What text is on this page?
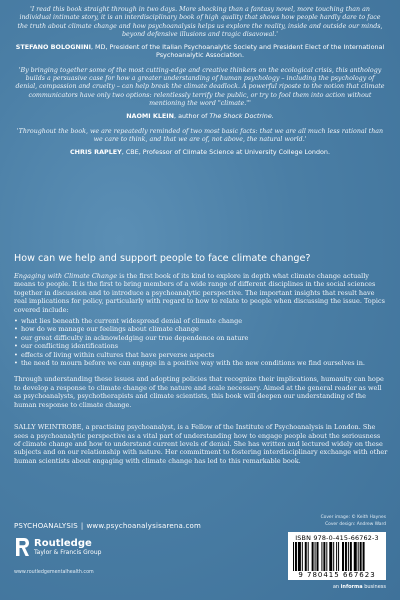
'I read this book straight through in two days. More shocking than a fantasy novel, more touching than an individual intimate story, it is an interdisciplinary book of high quality that shows how people hardly dare to face the truth about climate change and how psychoanalysis helps us explore the reality, inside and outside our minds, beyond defensive illusions and tragic disavowal.'

STEFANO BOLOGNINI, MD, President of the Italian Psychoanalytic Society and President Elect of the International Psychoanalytic Association.

'By bringing together some of the most cutting-edge and creative thinkers on the ecological crisis, this anthology builds a persuasive case for how a greater understanding of human psychology – including the psychology of denial, compassion and cruelty – can help break the climate deadlock. A powerful riposte to the notion that climate communicators have only two options: relentlessly terrify the public, or try to fool them into action without mentioning the word "climate."'

NAOMI KLEIN, author of The Shock Doctrine.

'Throughout the book, we are repeatedly reminded of two most basic facts: that we are all much less rational than we care to think, and that we are of, not above, the natural world.'

CHRIS RAPLEY, CBE, Professor of Climate Science at University College London.

How can we help and support people to face climate change?

Engaging with Climate Change is the first book of its kind to explore in depth what climate change actually means to people. It is the first to bring members of a wide range of different disciplines in the social sciences together in discussion and to introduce a psychoanalytic perspective. The important insights that result have real implications for policy, particularly with regard to how to relate to people when discussing the issue. Topics covered include:

• what lies beneath the current widespread denial of climate change
• how do we manage our feelings about climate change
• our great difficulty in acknowledging our true dependence on nature
• our conflicting identifications
• effects of living within cultures that have perverse aspects
• the need to mourn before we can engage in a positive way with the new conditions we find ourselves in.

Through understanding these issues and adopting policies that recognize their implications, humanity can hope to develop a response to climate change of the nature and scale necessary. Aimed at the general reader as well as psychoanalysts, psychotherapists and climate scientists, this book will deepen our understanding of the human response to climate change.

SALLY WEINTROBE, a practising psychoanalyst, is a Fellow of the Institute of Psychoanalysis in London. She sees a psychoanalytic perspective as a vital part of understanding how to engage people about the seriousness of climate change and how to understand current levels of denial. She has written and lectured widely on these subjects and on our relationship with nature. Her commitment to fostering interdisciplinary exchange with other human scientists about engaging with climate change has led to this remarkable book.

PSYCHOANALYSIS | www.psychoanalysisarena.com
Routledge
Taylor & Francis Group
www.routledgementalhealth.com
Cover image: © Keith Haynes
Cover design: Andrew Ward
ISBN 978-0-415-66762-3
9 780415 667623
an informa business
